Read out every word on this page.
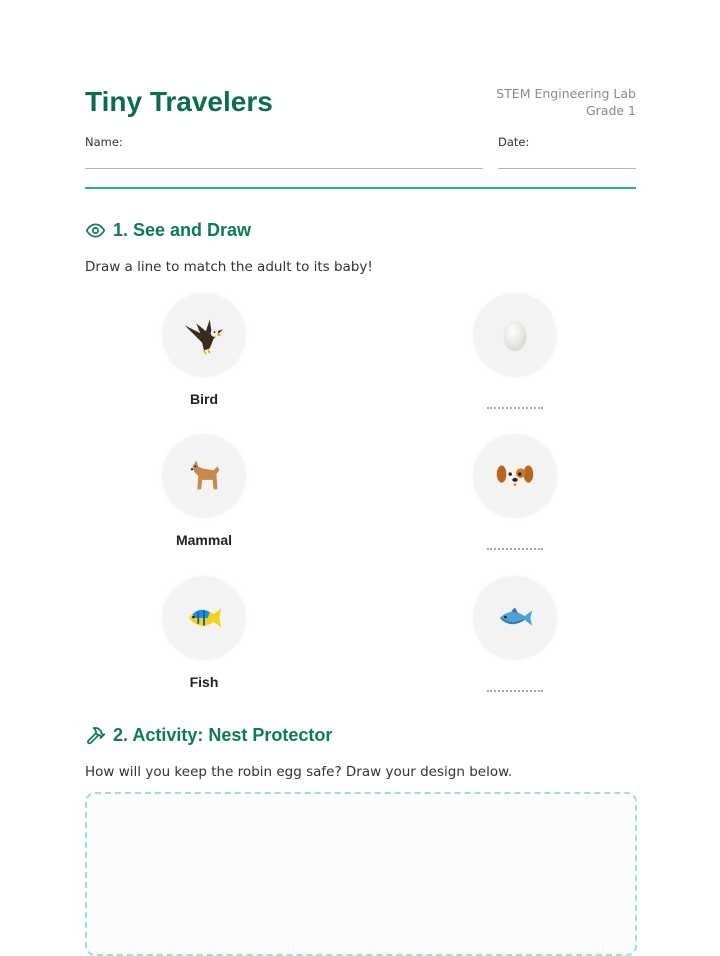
Tiny Travelers	STEM Engineering Lab
Grade 1
Name:	Date:
1. See and Draw
Draw a line to match the adult to its baby!
Bird
Mammal
Fish
2. Activity: Nest Protector
How will you keep the robin egg safe? Draw your design below.
